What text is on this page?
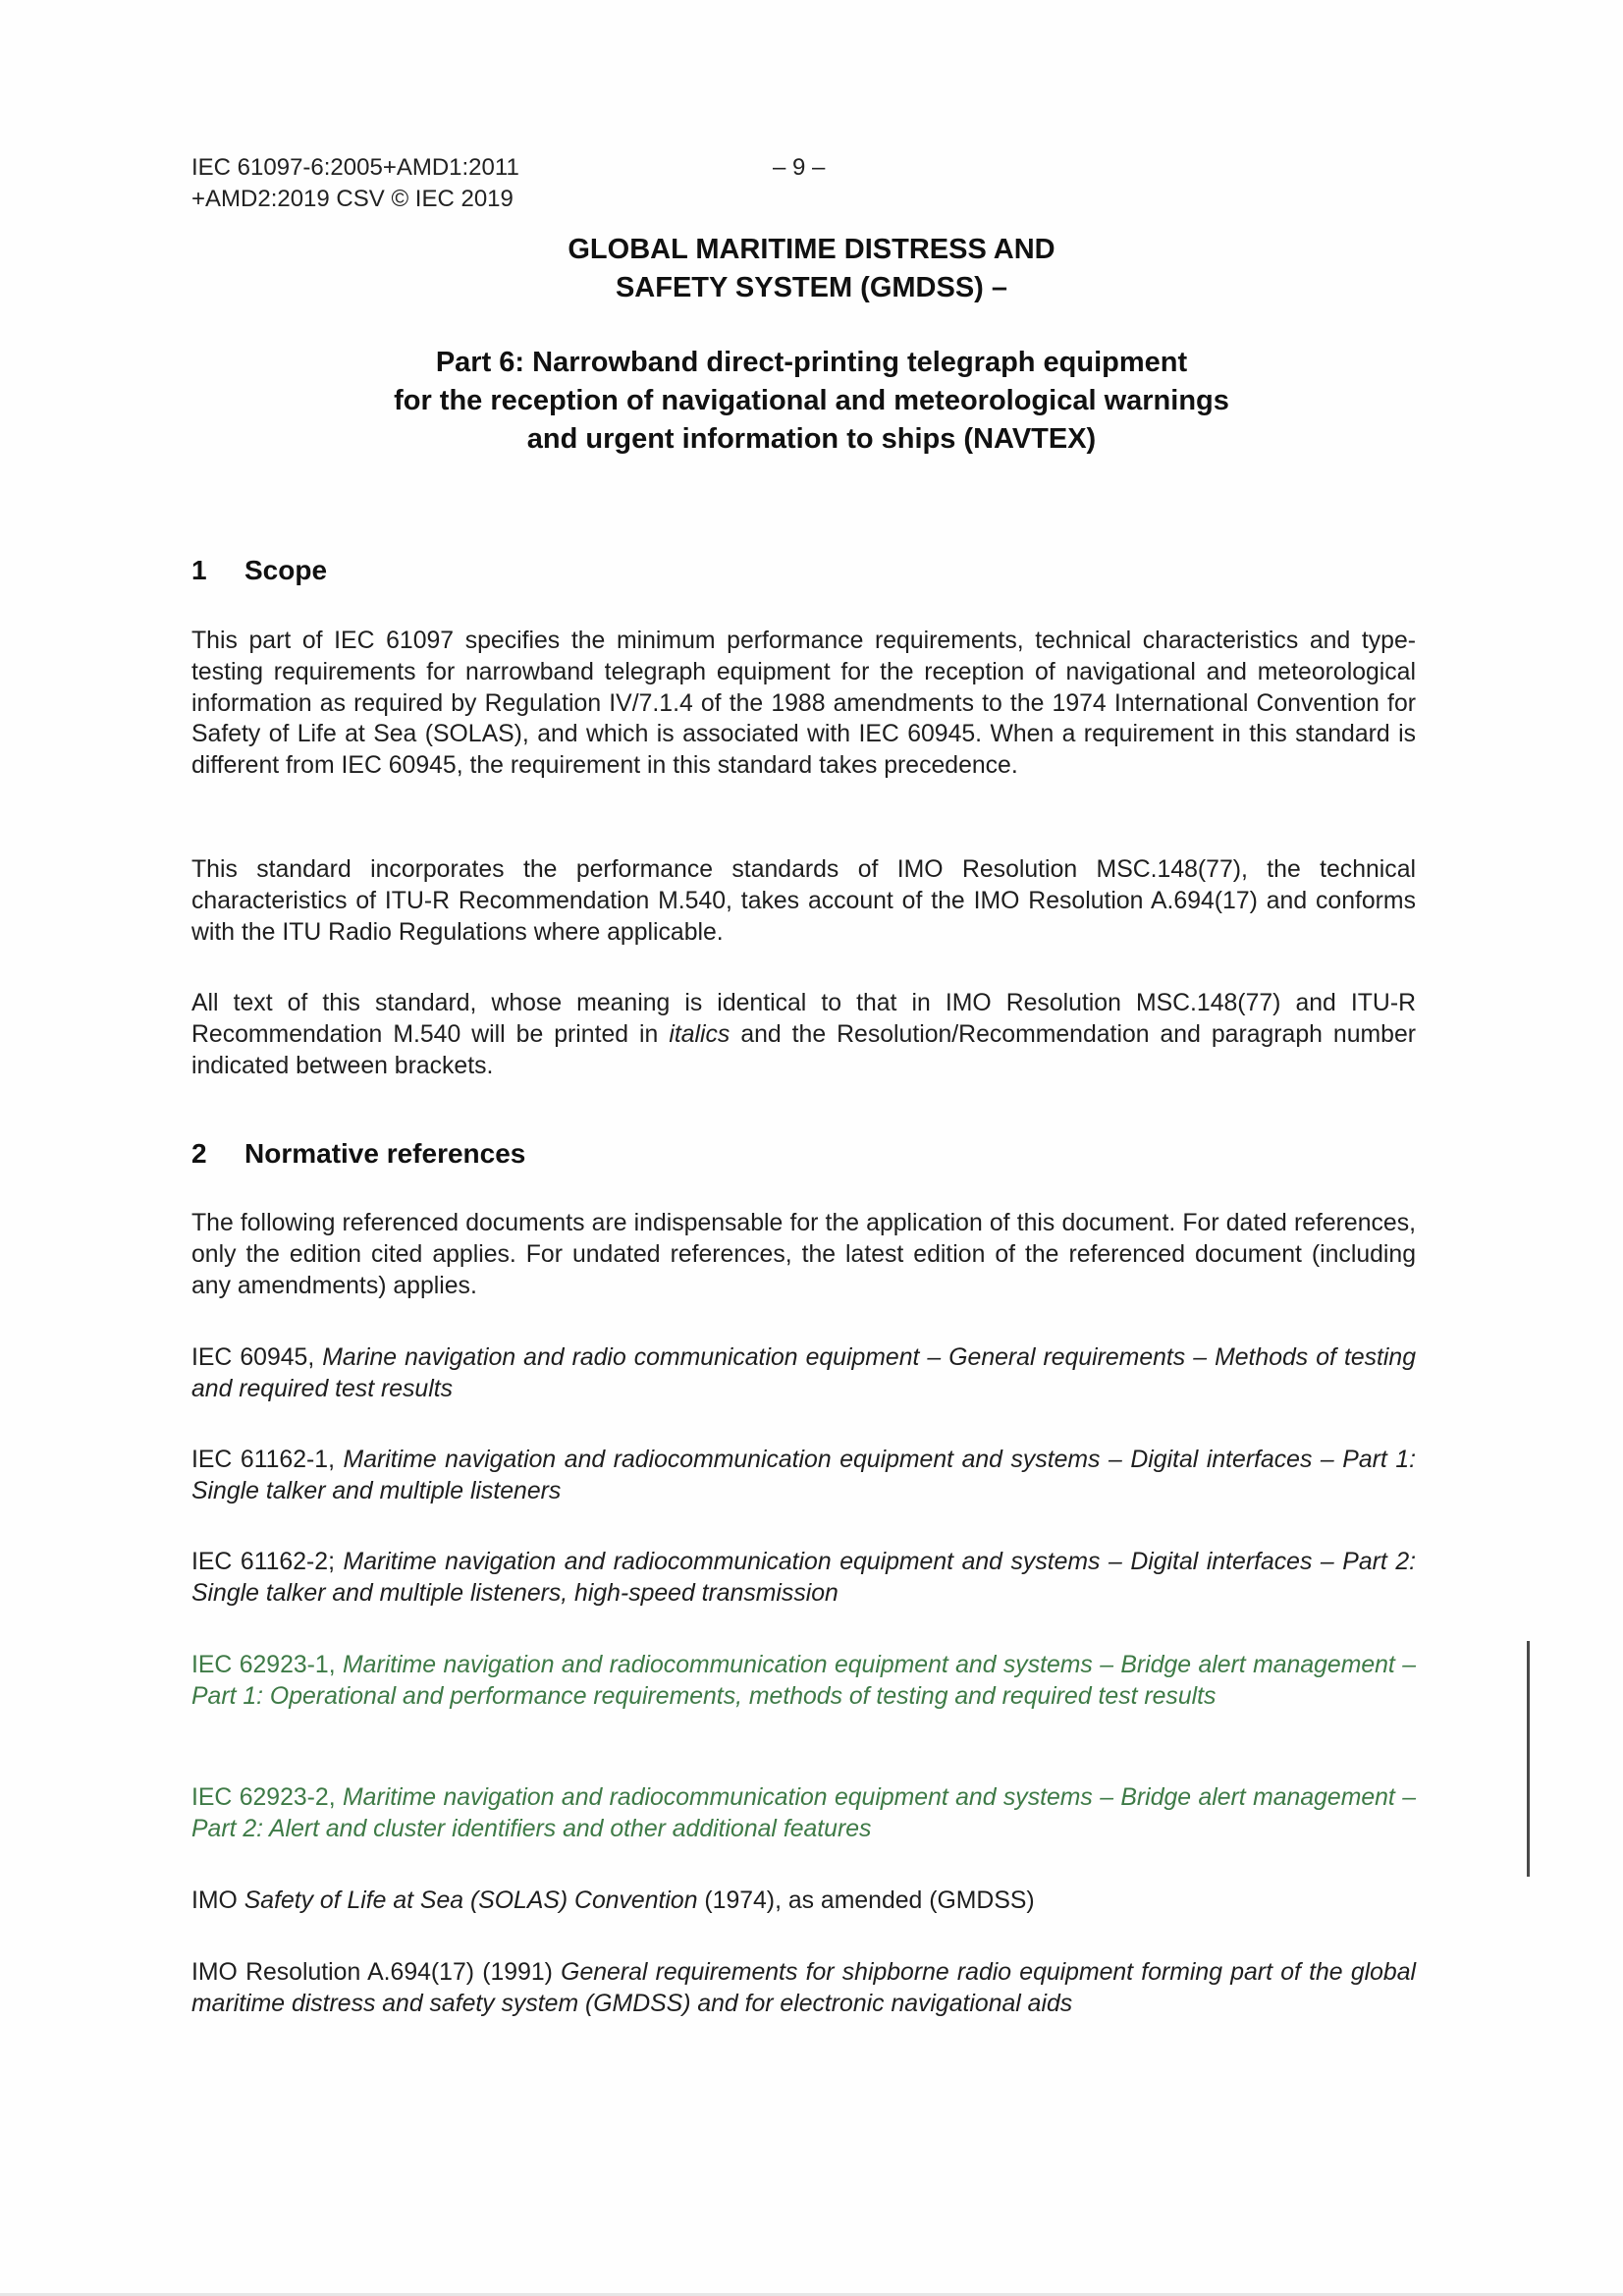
IEC 61097-6:2005+AMD1:2011
+AMD2:2019 CSV © IEC 2019
– 9 –
GLOBAL MARITIME DISTRESS AND
SAFETY SYSTEM (GMDSS) –
Part 6: Narrowband direct-printing telegraph equipment
for the reception of navigational and meteorological warnings
and urgent information to ships (NAVTEX)
1 Scope
This part of IEC 61097 specifies the minimum performance requirements, technical characteristics and type-testing requirements for narrowband telegraph equipment for the reception of navigational and meteorological information as required by Regulation IV/7.1.4 of the 1988 amendments to the 1974 International Convention for Safety of Life at Sea (SOLAS), and which is associated with IEC 60945. When a requirement in this standard is different from IEC 60945, the requirement in this standard takes precedence.
This standard incorporates the performance standards of IMO Resolution MSC.148(77), the technical characteristics of ITU-R Recommendation M.540, takes account of the IMO Resolution A.694(17) and conforms with the ITU Radio Regulations where applicable.
All text of this standard, whose meaning is identical to that in IMO Resolution MSC.148(77) and ITU-R Recommendation M.540 will be printed in italics and the Resolution/Recommendation and paragraph number indicated between brackets.
2 Normative references
The following referenced documents are indispensable for the application of this document. For dated references, only the edition cited applies. For undated references, the latest edition of the referenced document (including any amendments) applies.
IEC 60945, Marine navigation and radio communication equipment – General requirements – Methods of testing and required test results
IEC 61162-1, Maritime navigation and radiocommunication equipment and systems – Digital interfaces – Part 1: Single talker and multiple listeners
IEC 61162-2; Maritime navigation and radiocommunication equipment and systems – Digital interfaces – Part 2: Single talker and multiple listeners, high-speed transmission
IEC 62923-1, Maritime navigation and radiocommunication equipment and systems – Bridge alert management – Part 1: Operational and performance requirements, methods of testing and required test results
IEC 62923-2, Maritime navigation and radiocommunication equipment and systems – Bridge alert management – Part 2: Alert and cluster identifiers and other additional features
IMO Safety of Life at Sea (SOLAS) Convention (1974), as amended (GMDSS)
IMO Resolution A.694(17) (1991) General requirements for shipborne radio equipment forming part of the global maritime distress and safety system (GMDSS) and for electronic navigational aids
